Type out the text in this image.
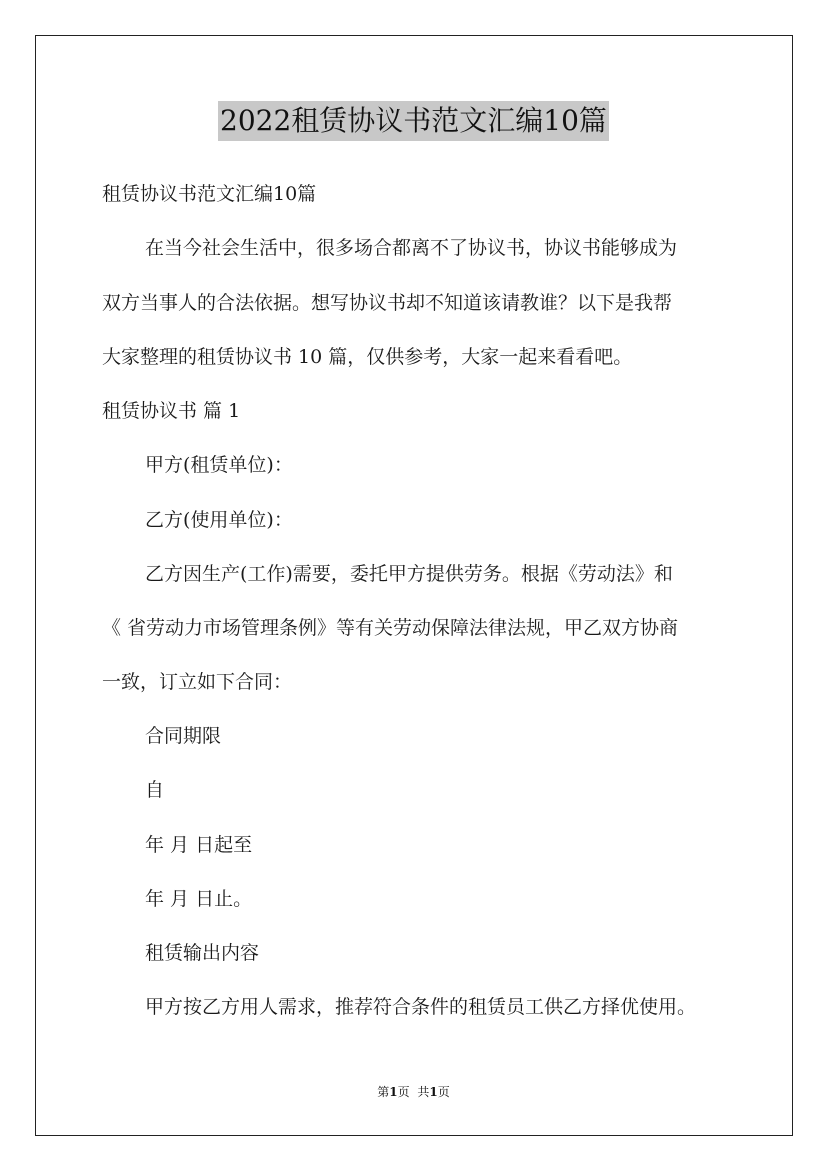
2022租赁协议书范文汇编10篇
租赁协议书范文汇编10篇
在当今社会生活中，很多场合都离不了协议书，协议书能够成为
双方当事人的合法依据。想写协议书却不知道该请教谁？以下是我帮
大家整理的租赁协议书 10 篇，仅供参考，大家一起来看看吧。
租赁协议书 篇 1
甲方(租赁单位)：
乙方(使用单位)：
乙方因生产(工作)需要，委托甲方提供劳务。根据《劳动法》和
《 省劳动力市场管理条例》等有关劳动保障法律法规，甲乙双方协商
一致，订立如下合同：
合同期限
自
年 月 日起至
年 月 日止。
租赁输出内容
甲方按乙方用人需求，推荐符合条件的租赁员工供乙方择优使用。
第1页 共1页
